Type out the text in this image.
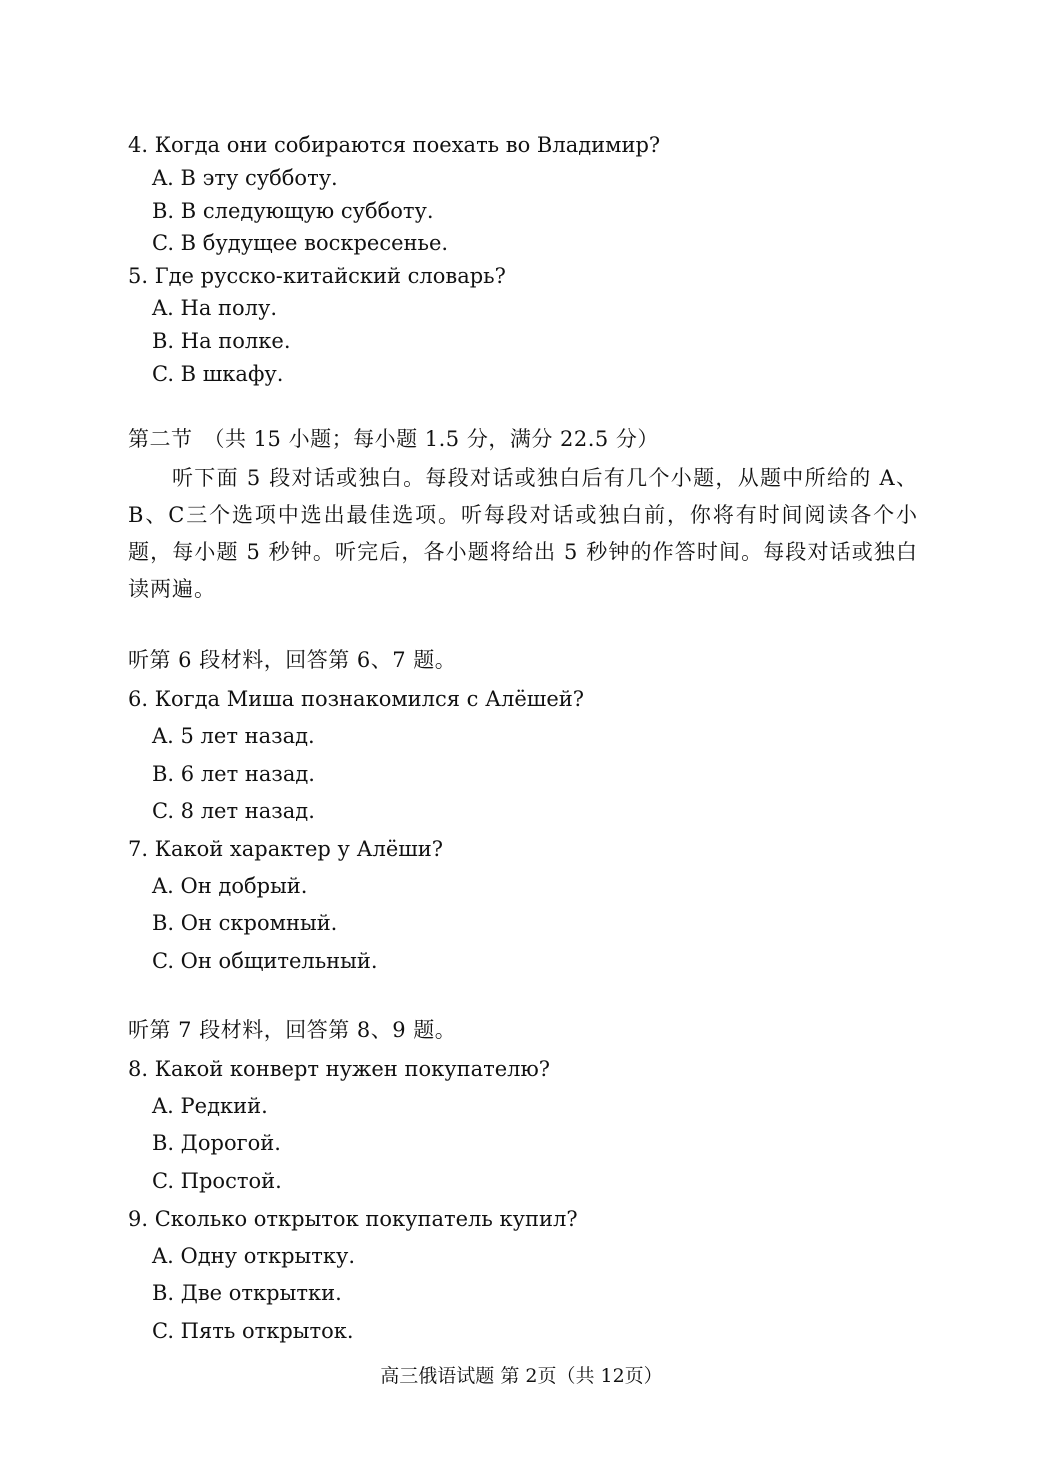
4. Когда они собираются поехать во Владимир?
A. В эту субботу.
B. В следующую субботу.
C. В будущее воскресенье.
5. Где русско-китайский словарь?
A. На полу.
B. На полке.
C. В шкафу.
第二节　（共 15 小题；每小题 1.5 分，满分 22.5 分）
听下面 5 段对话或独白。每段对话或独白后有几个小题，从题中所给的 A、B、C三个选项中选出最佳选项。听每段对话或独白前，你将有时间阅读各个小题，每小题 5 秒钟。听完后，各小题将给出 5 秒钟的作答时间。每段对话或独白读两遍。
听第 6 段材料，回答第 6、7 题。
6. Когда Миша познакомился с Алёшей?
A. 5 лет назад.
B. 6 лет назад.
C. 8 лет назад.
7. Какой характер у Алёши?
A. Он добрый.
B. Он скромный.
C. Он общительный.
听第 7 段材料，回答第 8、9 题。
8. Какой конверт нужен покупателю?
A. Редкий.
B. Дорогой.
C. Простой.
9. Сколько открыток покупатель купил?
A. Одну открытку.
B. Две открытки.
C. Пять открыток.
高三俄语试题 第 2页（共 12页）
